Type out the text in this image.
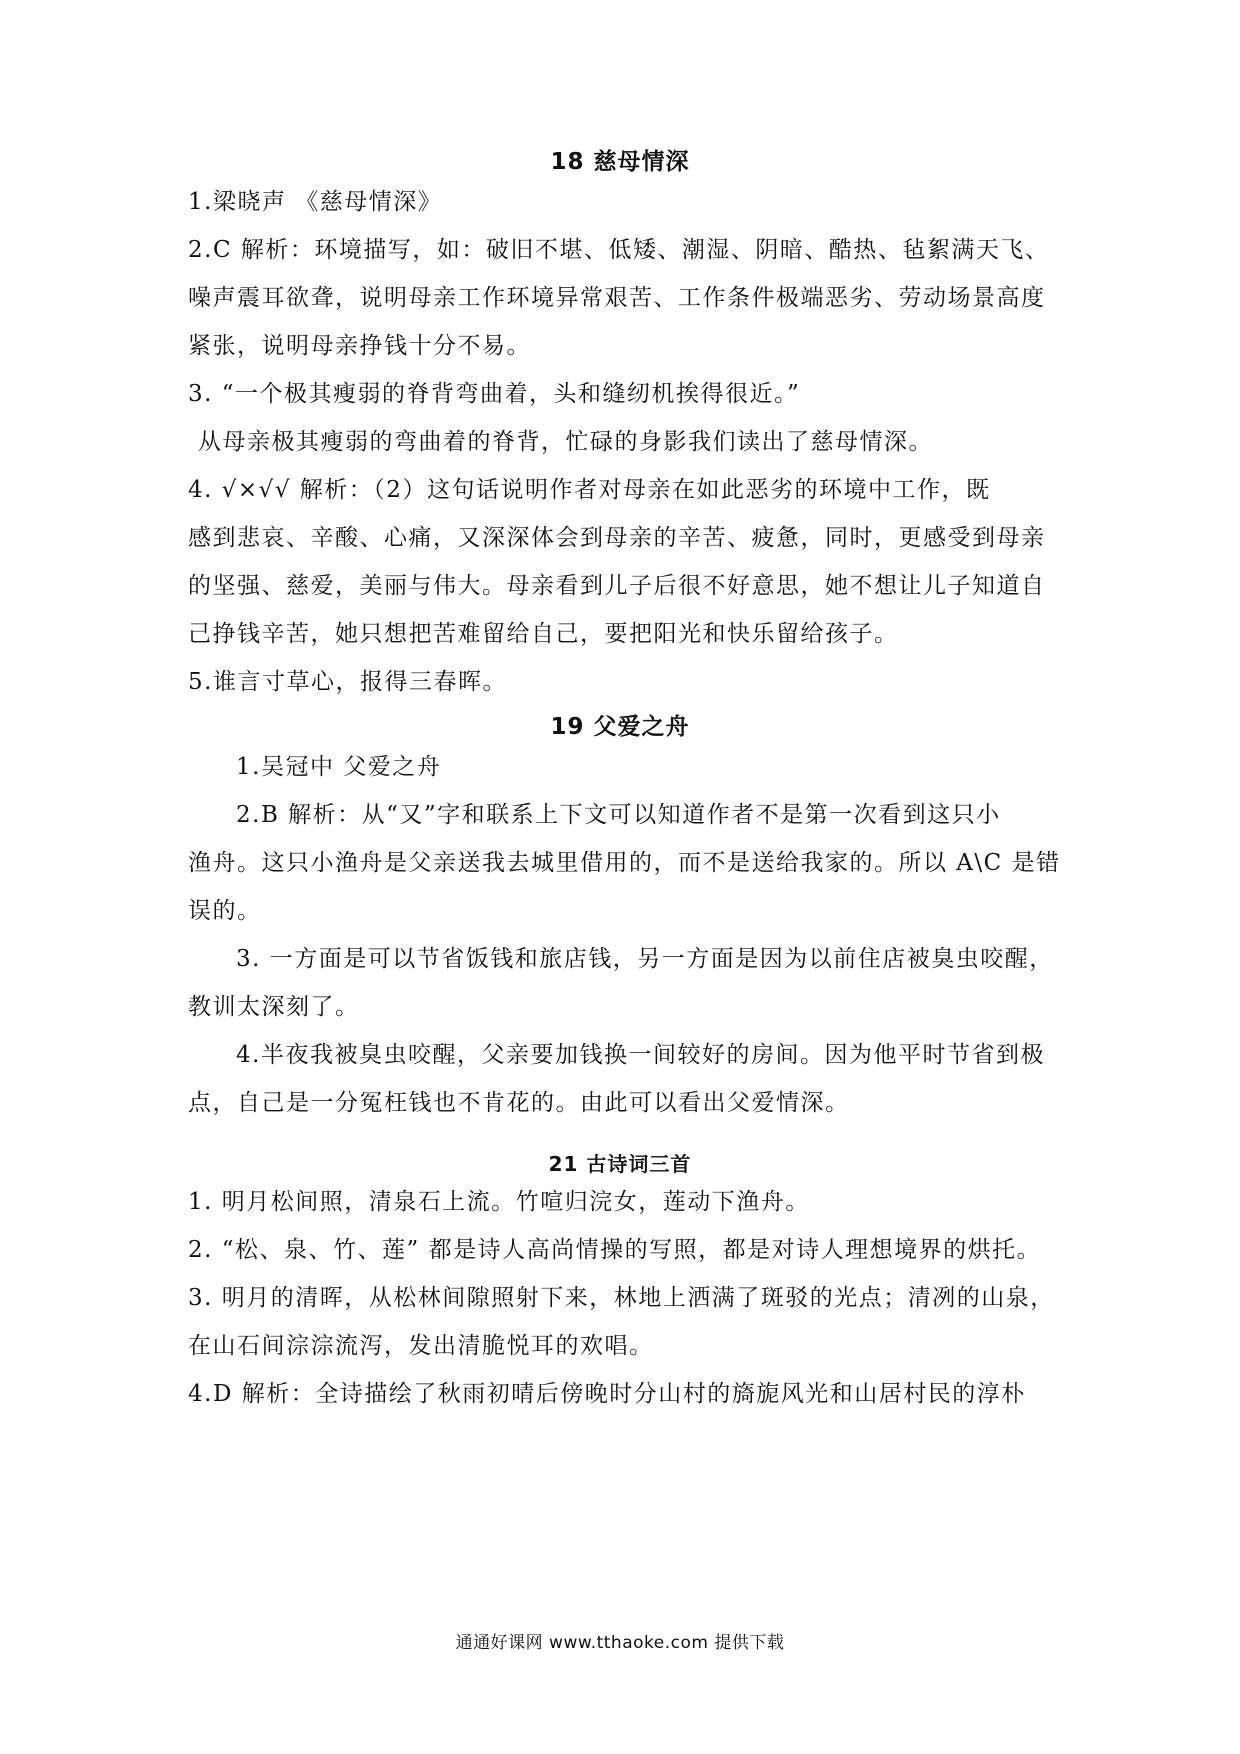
18 慈母情深
1.梁晓声 《慈母情深》
2.C 解析：环境描写，如：破旧不堪、低矮、潮湿、阴暗、酷热、毡絮满天飞、
噪声震耳欲聋，说明母亲工作环境异常艰苦、工作条件极端恶劣、劳动场景高度
紧张，说明母亲挣钱十分不易。
3. “一个极其瘦弱的脊背弯曲着，头和缝纫机挨得很近。”
从母亲极其瘦弱的弯曲着的脊背，忙碌的身影我们读出了慈母情深。
4. √×√√ 解析：（2）这句话说明作者对母亲在如此恶劣的环境中工作，既
感到悲哀、辛酸、心痛，又深深体会到母亲的辛苦、疲惫，同时，更感受到母亲
的坚强、慈爱，美丽与伟大。母亲看到儿子后很不好意思，她不想让儿子知道自
己挣钱辛苦，她只想把苦难留给自己，要把阳光和快乐留给孩子。
5.谁言寸草心，报得三春晖。
19 父爱之舟
1.吴冠中 父爱之舟
2.B 解析：从“又”字和联系上下文可以知道作者不是第一次看到这只小
渔舟。这只小渔舟是父亲送我去城里借用的，而不是送给我家的。所以 A\C 是错
误的。
3. 一方面是可以节省饭钱和旅店钱，另一方面是因为以前住店被臭虫咬醒，
教训太深刻了。
4.半夜我被臭虫咬醒，父亲要加钱换一间较好的房间。因为他平时节省到极
点，自己是一分冤枉钱也不肯花的。由此可以看出父爱情深。
21 古诗词三首
1. 明月松间照，清泉石上流。竹喧归浣女，莲动下渔舟。
2. “松、泉、竹、莲” 都是诗人高尚情操的写照，都是对诗人理想境界的烘托。
3. 明月的清晖，从松林间隙照射下来，林地上洒满了斑驳的光点；清冽的山泉，
在山石间淙淙流泻，发出清脆悦耳的欢唱。
4.D 解析：全诗描绘了秋雨初晴后傍晚时分山村的旖旎风光和山居村民的淳朴
通通好课网 www.tthaoke.com 提供下载
